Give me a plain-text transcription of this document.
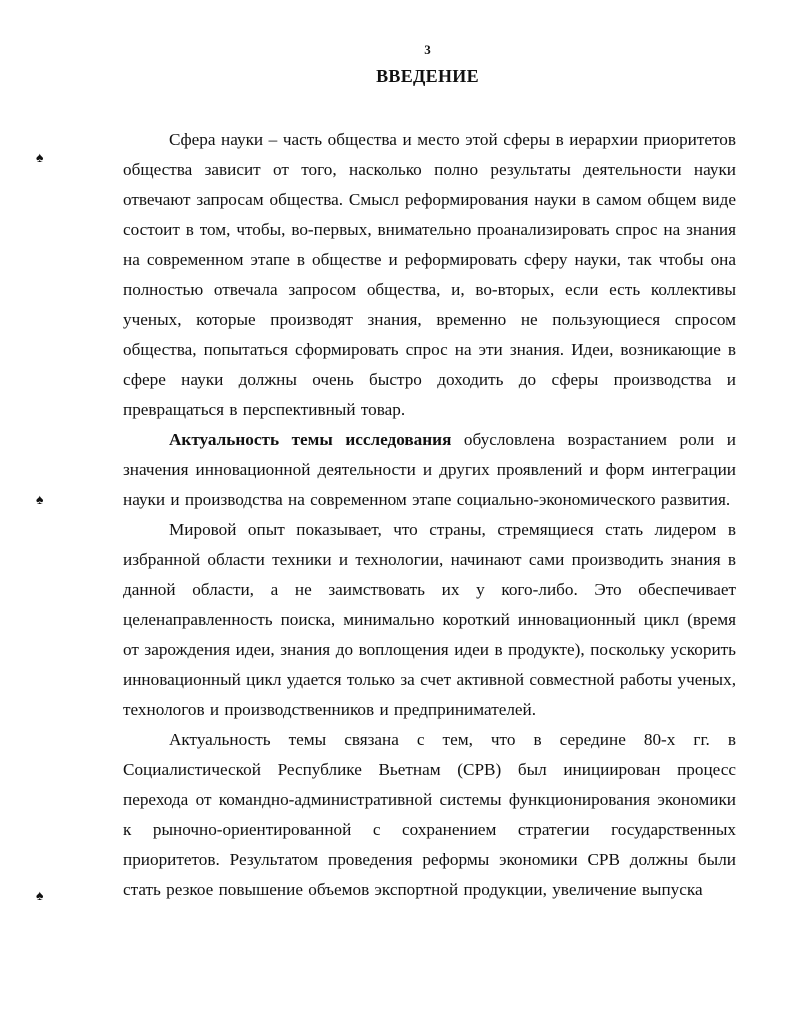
3
ВВЕДЕНИЕ
♠
♠
♠

Сфера науки – часть общества и место этой сферы в иерархии приоритетов общества зависит от того, насколько полно результаты деятельности науки отвечают запросам общества. Смысл реформирования науки в самом общем виде состоит в том, чтобы, во-первых, внимательно проанализировать спрос на знания на современном этапе в обществе и реформировать сферу науки, так чтобы она полностью отвечала запросом общества, и, во-вторых, если есть коллективы ученых, которые производят знания, временно не пользующиеся спросом общества, попытаться сформировать спрос на эти знания. Идеи, возникающие в сфере науки должны очень быстро доходить до сферы производства и превращаться в перспективный товар.

Актуальность темы исследования обусловлена возрастанием роли и значения инновационной деятельности и других проявлений и форм интеграции науки и производства на современном этапе социально-экономического развития.

Мировой опыт показывает, что страны, стремящиеся стать лидером в избранной области техники и технологии, начинают сами производить знания в данной области, а не заимствовать их у кого-либо. Это обеспечивает целенаправленность поиска, минимально короткий инновационный цикл (время от зарождения идеи, знания до воплощения идеи в продукте), поскольку ускорить инновационный цикл удается только за счет активной совместной работы ученых, технологов и производственников и предпринимателей.

Актуальность темы связана с тем, что в середине 80-х гг. в Социалистической Республике Вьетнам (СРВ) был инициирован процесс перехода от командно-административной системы функционирования экономики к рыночно-ориентированной с сохранением стратегии государственных приоритетов. Результатом проведения реформы экономики СРВ должны были стать резкое повышение объемов экспортной продукции, увеличение выпуска
